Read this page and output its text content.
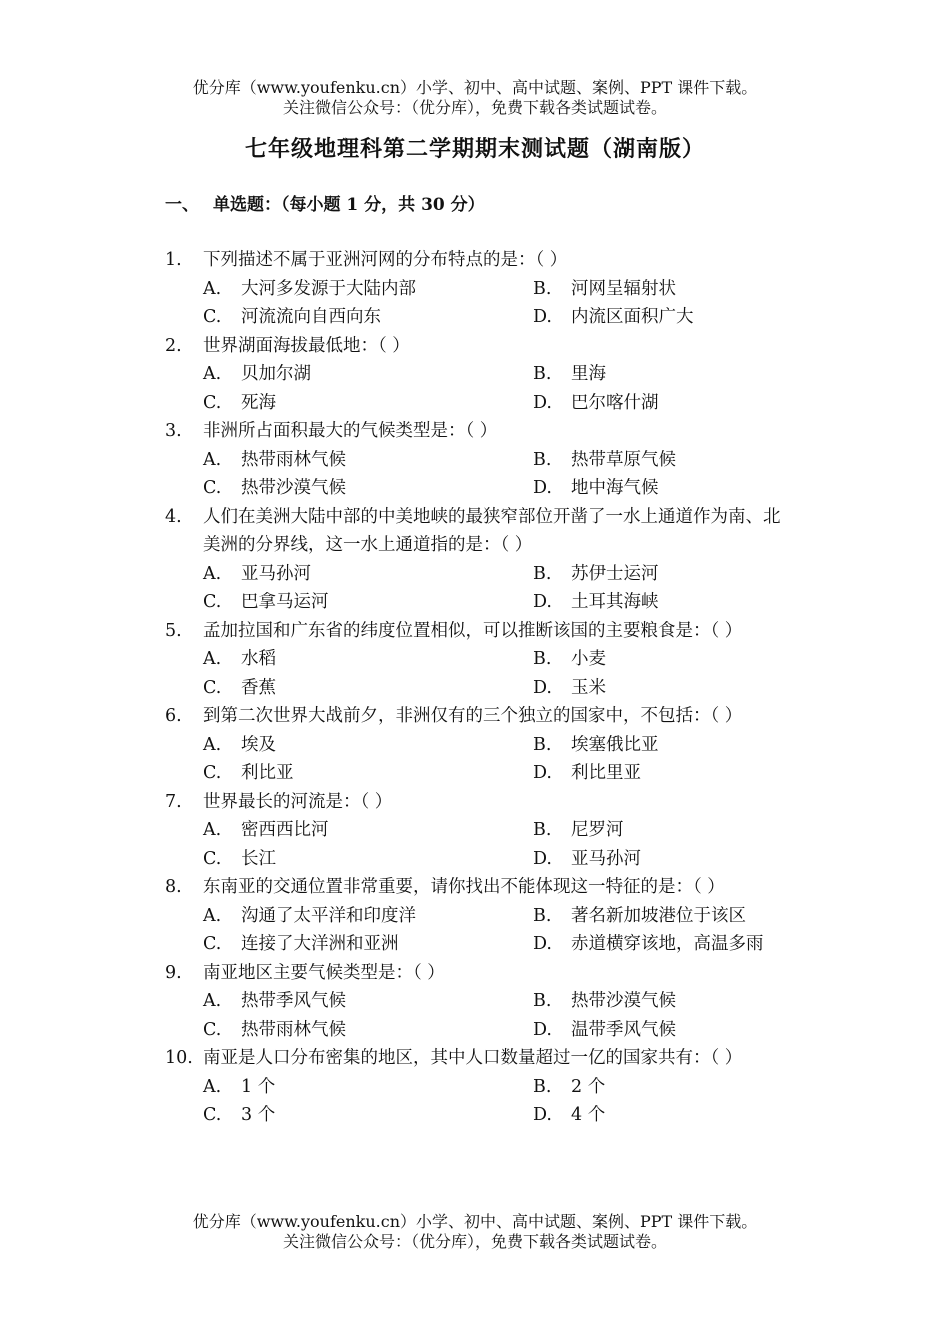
优分库（www.youfenku.cn）小学、初中、高中试题、案例、PPT 课件下载。
关注微信公众号：（优分库），免费下载各类试题试卷。
七年级地理科第二学期期末测试题（湖南版）
一、 单选题：（每小题 1 分，共 30 分）
1.	下列描述不属于亚洲河网的分布特点的是：（ ）
A.	大河多发源于大陆内部	B.	河网呈辐射状
C.	河流流向自西向东	D.	内流区面积广大
2.	世界湖面海拔最低地：（ ）
A.	贝加尔湖	B.	里海
C.	死海	D.	巴尔喀什湖
3.	非洲所占面积最大的气候类型是：（ ）
A.	热带雨林气候	B.	热带草原气候
C.	热带沙漠气候	D.	地中海气候
4.	人们在美洲大陆中部的中美地峡的最狭窄部位开凿了一水上通道作为南、北美洲的分界线，这一水上通道指的是：（ ）
A.	亚马孙河	B.	苏伊士运河
C.	巴拿马运河	D.	土耳其海峡
5.	孟加拉国和广东省的纬度位置相似，可以推断该国的主要粮食是：（ ）
A.	水稻	B.	小麦
C.	香蕉	D.	玉米
6.	到第二次世界大战前夕，非洲仅有的三个独立的国家中，不包括：（ ）
A.	埃及	B.	埃塞俄比亚
C.	利比亚	D.	利比里亚
7.	世界最长的河流是：（ ）
A.	密西西比河	B.	尼罗河
C.	长江	D.	亚马孙河
8.	东南亚的交通位置非常重要，请你找出不能体现这一特征的是：（ ）
A.	沟通了太平洋和印度洋	B.	著名新加坡港位于该区
C.	连接了大洋洲和亚洲	D.	赤道横穿该地，高温多雨
9.	南亚地区主要气候类型是：（ ）
A.	热带季风气候	B.	热带沙漠气候
C.	热带雨林气候	D.	温带季风气候
10. 南亚是人口分布密集的地区，其中人口数量超过一亿的国家共有：（ ）
A.	1 个	B.	2 个
C.	3 个	D.	4 个
优分库（www.youfenku.cn）小学、初中、高中试题、案例、PPT 课件下载。
关注微信公众号：（优分库），免费下载各类试题试卷。
